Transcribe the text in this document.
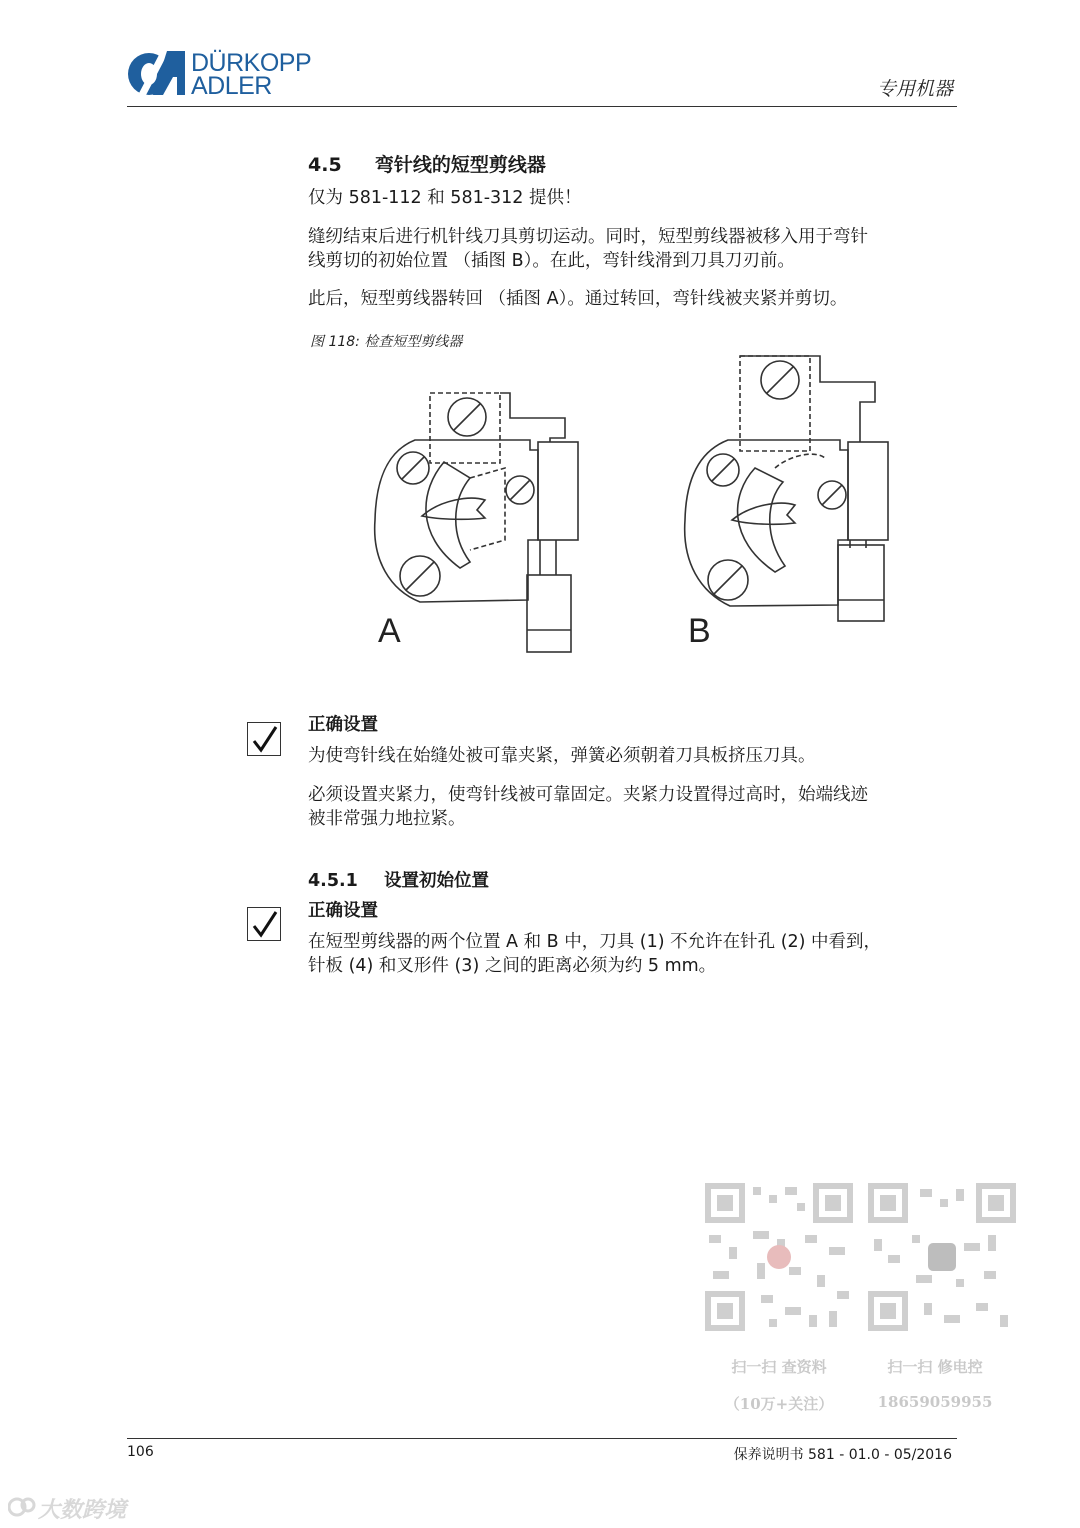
DÜRKOPP
ADLER	专用机器
4.5 弯针线的短型剪线器
仅为 581-112 和 581-312 提供！
缝纫结束后进行机针线刀具剪切运动。同时，短型剪线器被移入用于弯针
线剪切的初始位置 （插图 B）。在此，弯针线滑到刀具刀刃前。
此后，短型剪线器转回 （插图 A）。通过转回，弯针线被夹紧并剪切。
图 118: 检查短型剪线器
A	B
正确设置
为使弯针线在始缝处被可靠夹紧，弹簧必须朝着刀具板挤压刀具。
必须设置夹紧力，使弯针线被可靠固定。夹紧力设置得过高时，始端线迹
被非常强力地拉紧。
4.5.1 设置初始位置
正确设置
在短型剪线器的两个位置 A 和 B 中，刀具 (1) 不允许在针孔 (2) 中看到，
针板 (4) 和叉形件 (3) 之间的距离必须为约 5 mm。
扫一扫 查资料
（10万+关注）
扫一扫 修电控
18659059955
106	保养说明书 581 - 01.0 - 05/2016
大数跨境
